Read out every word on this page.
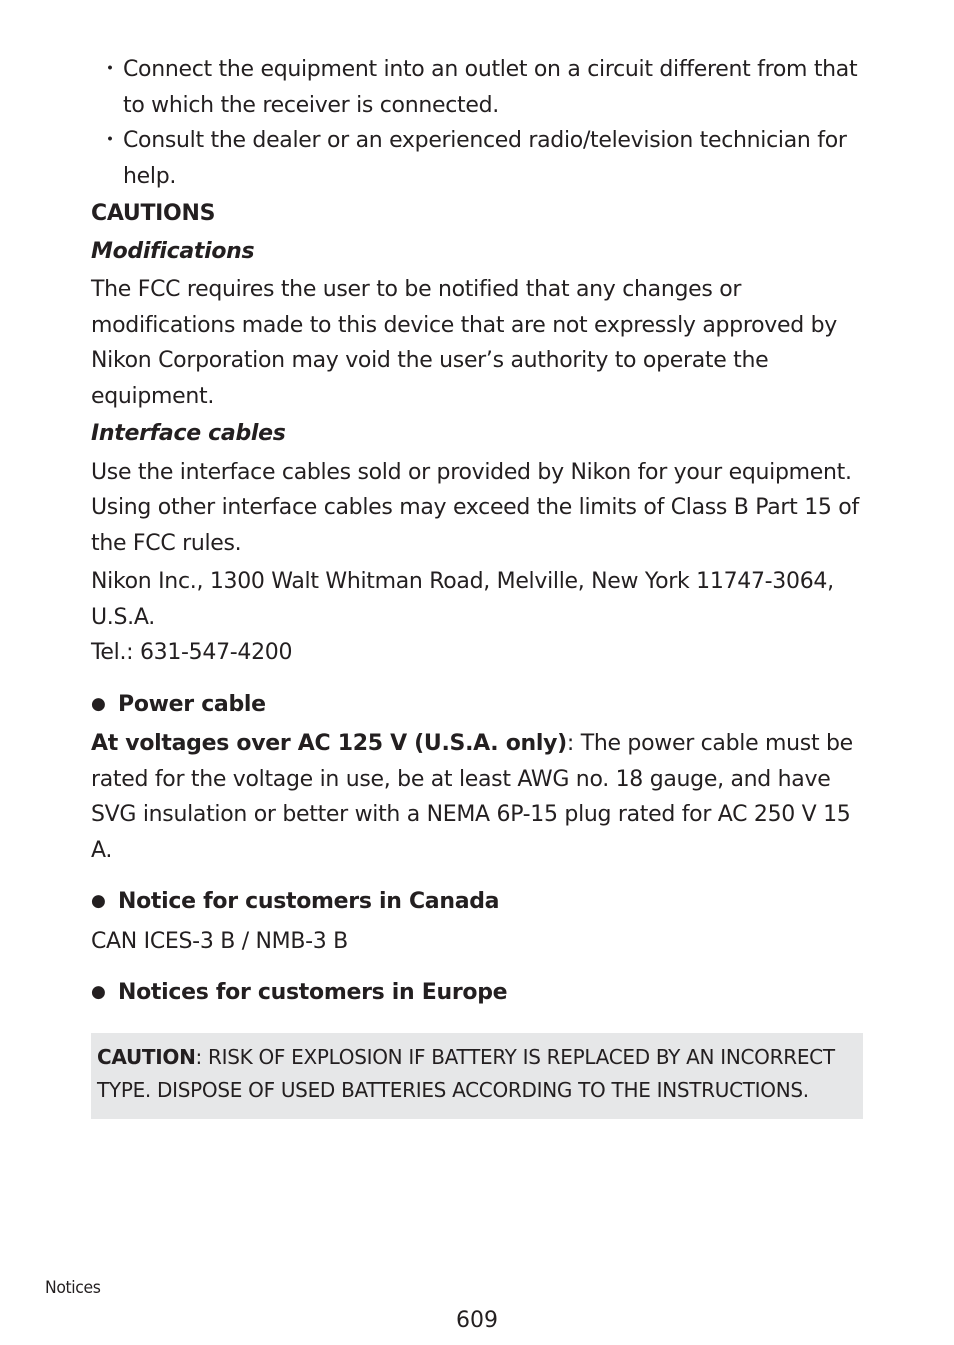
・ Connect the equipment into an outlet on a circuit different from that to which the receiver is connected.
・ Consult the dealer or an experienced radio/television technician for help.

CAUTIONS

Modifications

The FCC requires the user to be notified that any changes or modifications made to this device that are not expressly approved by Nikon Corporation may void the user’s authority to operate the equipment.

Interface cables

Use the interface cables sold or provided by Nikon for your equipment. Using other interface cables may exceed the limits of Class B Part 15 of the FCC rules.

Nikon Inc., 1300 Walt Whitman Road, Melville, New York 11747-3064, U.S.A.

Tel.: 631-547-4200

● Power cable

At voltages over AC 125 V (U.S.A. only): The power cable must be rated for the voltage in use, be at least AWG no. 18 gauge, and have SVG insulation or better with a NEMA 6P-15 plug rated for AC 250 V 15 A.

● Notice for customers in Canada

CAN ICES-3 B / NMB-3 B

● Notices for customers in Europe

CAUTION: RISK OF EXPLOSION IF BATTERY IS REPLACED BY AN INCORRECT TYPE. DISPOSE OF USED BATTERIES ACCORDING TO THE INSTRUCTIONS.
Notices
609
